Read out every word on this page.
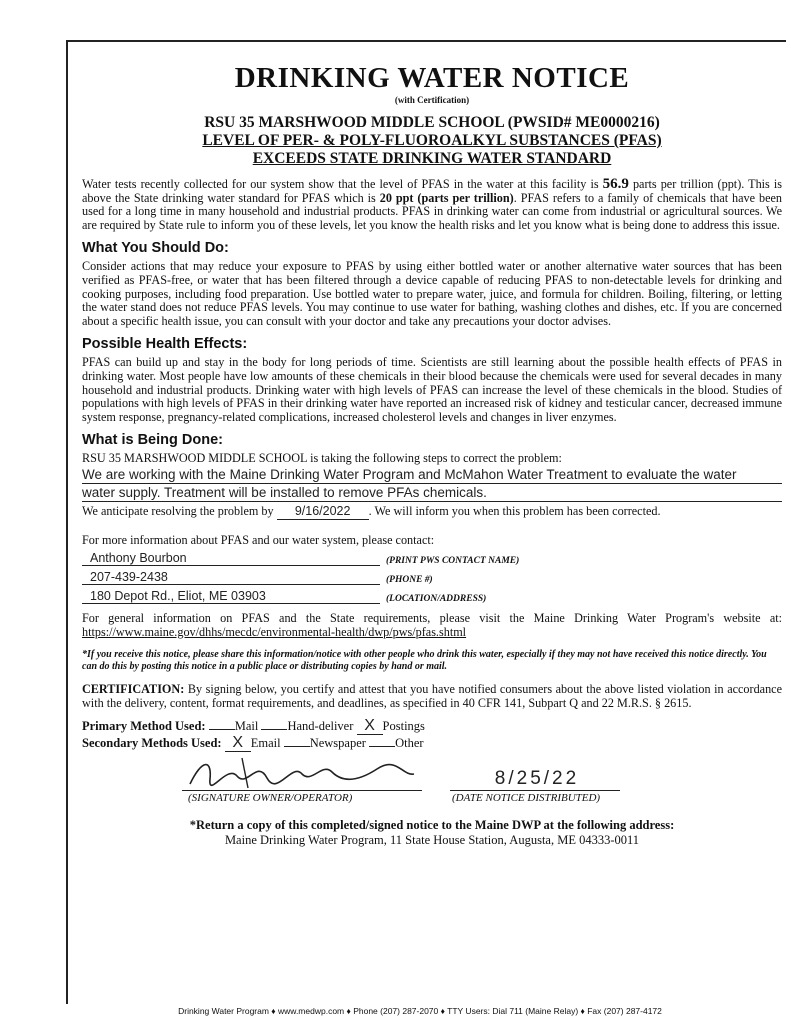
DRINKING WATER NOTICE
(with Certification)
RSU 35 MARSHWOOD MIDDLE SCHOOL (PWSID# ME0000216)
LEVEL OF PER- & POLY-FLUOROALKYL SUBSTANCES (PFAS)
EXCEEDS STATE DRINKING WATER STANDARD

Water tests recently collected for our system show that the level of PFAS in the water at this facility is 56.9 parts per trillion (ppt). This is above the State drinking water standard for PFAS which is 20 ppt (parts per trillion). PFAS refers to a family of chemicals that have been used for a long time in many household and industrial products. PFAS in drinking water can come from industrial or agricultural sources. We are required by State rule to inform you of these levels, let you know the health risks and let you know what is being done to address this issue.

What You Should Do:

Consider actions that may reduce your exposure to PFAS by using either bottled water or another alternative water sources that has been verified as PFAS-free, or water that has been filtered through a device capable of reducing PFAS to non-detectable levels for drinking and cooking purposes, including food preparation. Use bottled water to prepare water, juice, and formula for children. Boiling, filtering, or letting the water stand does not reduce PFAS levels. You may continue to use water for bathing, washing clothes and dishes, etc. If you are concerned about a specific health issue, you can consult with your doctor and take any precautions your doctor advises.

Possible Health Effects:

PFAS can build up and stay in the body for long periods of time. Scientists are still learning about the possible health effects of PFAS in drinking water. Most people have low amounts of these chemicals in their blood because the chemicals were used for several decades in many household and industrial products. Drinking water with high levels of PFAS can increase the level of these chemicals in the blood. Studies of populations with high levels of PFAS in their drinking water have reported an increased risk of kidney and testicular cancer, decreased immune system response, pregnancy-related complications, increased cholesterol levels and changes in liver enzymes.

What is Being Done:
RSU 35 MARSHWOOD MIDDLE SCHOOL is taking the following steps to correct the problem:
We are working with the Maine Drinking Water Program and McMahon Water Treatment to evaluate the water
water supply. Treatment will be installed to remove PFAs chemicals.
We anticipate resolving the problem by 9/16/2022 . We will inform you when this problem has been corrected.
For more information about PFAS and our water system, please contact:
Anthony Bourbon	(PRINT PWS CONTACT NAME)
207-439-2438	(PHONE #)
180 Depot Rd., Eliot, ME 03903	(LOCATION/ADDRESS)
For general information on PFAS and the State requirements, please visit the Maine Drinking Water Program's website at: https://www.maine.gov/dhhs/mecdc/environmental-health/dwp/pws/pfas.shtml
*If you receive this notice, please share this information/notice with other people who drink this water, especially if they may not have received this notice directly. You can do this by posting this notice in a public place or distributing copies by hand or mail.

CERTIFICATION: By signing below, you certify and attest that you have notified consumers about the above listed violation in accordance with the delivery, content, format requirements, and deadlines, as specified in 40 CFR 141, Subpart Q and 22 M.R.S. § 2615.

Primary Method Used: Mail Hand-deliver X Postings
Secondary Methods Used: X Email Newspaper Other
8/25/22
(SIGNATURE OWNER/OPERATOR)	(DATE NOTICE DISTRIBUTED)
*Return a copy of this completed/signed notice to the Maine DWP at the following address:
Maine Drinking Water Program, 11 State House Station, Augusta, ME 04333-0011
Drinking Water Program ♦ www.medwp.com ♦ Phone (207) 287-2070 ♦ TTY Users: Dial 711 (Maine Relay) ♦ Fax (207) 287-4172
